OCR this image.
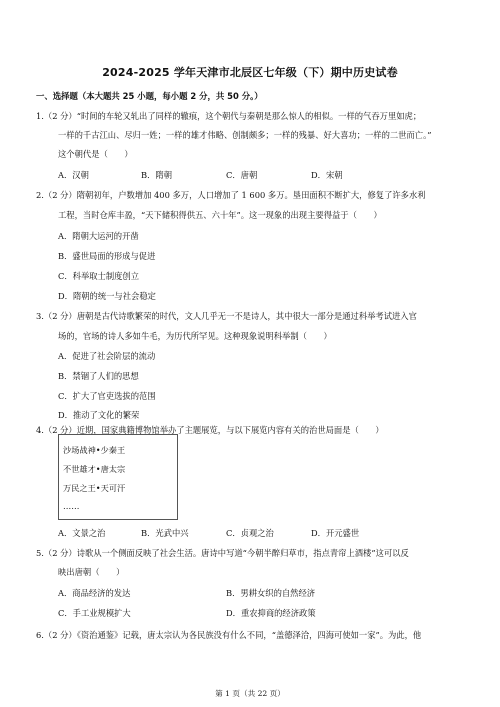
2024-2025 学年天津市北辰区七年级（下）期中历史试卷
一、选择题（本大题共 25 小题，每小题 2 分，共 50 分。）
1.（2 分）“时间的车轮又轧出了同样的辙痕，这个朝代与秦朝是那么惊人的相似。一样的气吞万里如虎；
一样的千古江山、尽归一姓；一样的雄才伟略、创制颇多；一样的残暴、好大喜功；一样的二世而亡。”
这个朝代是（　　）
A．汉朝	B．隋朝	C．唐朝	D．宋朝
2.（2 分）隋朝初年，户数增加 400 多万，人口增加了 1 600 多万。垦田面积不断扩大，修复了许多水利
工程，当时仓库丰盈，“天下储积得供五、六十年”。这一现象的出现主要得益于（　　）
A．隋朝大运河的开凿
B．盛世局面的形成与促进
C．科举取士制度创立
D．隋朝的统一与社会稳定
3.（2 分）唐朝是古代诗歌繁荣的时代，文人几乎无一不是诗人，其中很大一部分是通过科举考试进入官
场的，官场的诗人多如牛毛，为历代所罕见。这种现象说明科举制（　　）
A．促进了社会阶层的流动
B．禁锢了人们的思想
C．扩大了官吏选拔的范围
D．推动了文化的繁荣
4.（2 分）近期，国家典籍博物馆举办了主题展览，与以下展览内容有关的治世局面是（　　）
沙场战神•少秦王
不世雄才•唐太宗
万民之王•天可汗
……
A．文景之治	B．光武中兴	C．贞观之治	D．开元盛世
5.（2 分）诗歌从一个侧面反映了社会生活。唐诗中写道“今朝半醉归草市，指点青帘上酒楼”这可以反
映出唐朝（　　）
A．商品经济的发达	B．男耕女织的自然经济
C．手工业规模扩大	D．重农抑商的经济政策
6.（2 分）《资治通鉴》记载，唐太宗认为各民族没有什么不同，“盖德泽洽，四海可使如一家”。为此，他
第 1 页（共 22 页）
